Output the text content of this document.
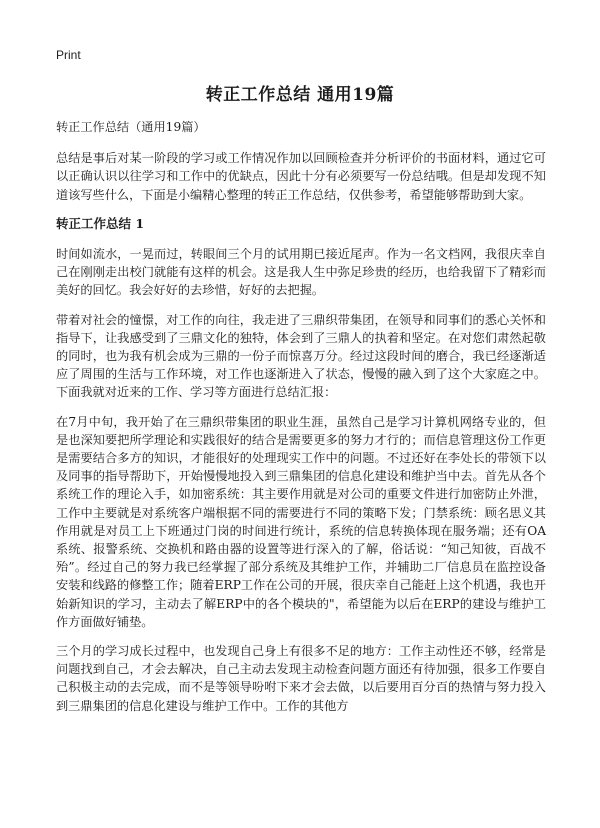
Print
转正工作总结 通用19篇

转正工作总结（通用19篇）

总结是事后对某一阶段的学习或工作情况作加以回顾检查并分析评价的书面材料，通过它可以正确认识以往学习和工作中的优缺点，因此十分有必须要写一份总结哦。但是却发现不知道该写些什么，下面是小编精心整理的转正工作总结，仅供参考，希望能够帮助到大家。

转正工作总结 1

时间如流水，一晃而过，转眼间三个月的试用期已接近尾声。作为一名文档网，我很庆幸自己在刚刚走出校门就能有这样的机会。这是我人生中弥足珍贵的经历，也给我留下了精彩而美好的回忆。我会好好的去珍惜，好好的去把握。

带着对社会的憧憬，对工作的向往，我走进了三鼎织带集团，在领导和同事们的悉心关怀和指导下，让我感受到了三鼎文化的独特，体会到了三鼎人的执着和坚定。在对您们肃然起敬的同时，也为我有机会成为三鼎的一份子而惊喜万分。经过这段时间的磨合，我已经逐渐适应了周围的生活与工作环境，对工作也逐渐进入了状态，慢慢的融入到了这个大家庭之中。下面我就对近来的工作、学习等方面进行总结汇报：

在7月中旬，我开始了在三鼎织带集团的职业生涯，虽然自己是学习计算机网络专业的，但是也深知要把所学理论和实践很好的结合是需要更多的努力才行的；而信息管理这份工作更是需要结合多方的知识，才能很好的处理现实工作中的问题。不过还好在李处长的带领下以及同事的指导帮助下，开始慢慢地投入到三鼎集团的信息化建设和维护当中去。首先从各个系统工作的理论入手，如加密系统：其主要作用就是对公司的重要文件进行加密防止外泄，工作中主要就是对系统客户端根据不同的需要进行不同的策略下发；门禁系统：顾名思义其作用就是对员工上下班通过门岗的时间进行统计，系统的信息转换体现在服务端；还有OA系统、报警系统、交换机和路由器的设置等进行深入的了解，俗话说：“知己知彼，百战不殆”。经过自己的努力我已经掌握了部分系统及其维护工作，并辅助二厂信息员在监控设备安装和线路的修整工作；随着ERP工作在公司的开展，很庆幸自己能赶上这个机遇，我也开始新知识的学习，主动去了解ERP中的各个模块的"，希望能为以后在ERP的建设与维护工作方面做好铺垫。

三个月的学习成长过程中，也发现自己身上有很多不足的地方：工作主动性还不够，经常是问题找到自己，才会去解决，自己主动去发现主动检查问题方面还有待加强，很多工作要自己积极主动的去完成，而不是等领导吩咐下来才会去做，以后要用百分百的热情与努力投入到三鼎集团的信息化建设与维护工作中。工作的其他方
